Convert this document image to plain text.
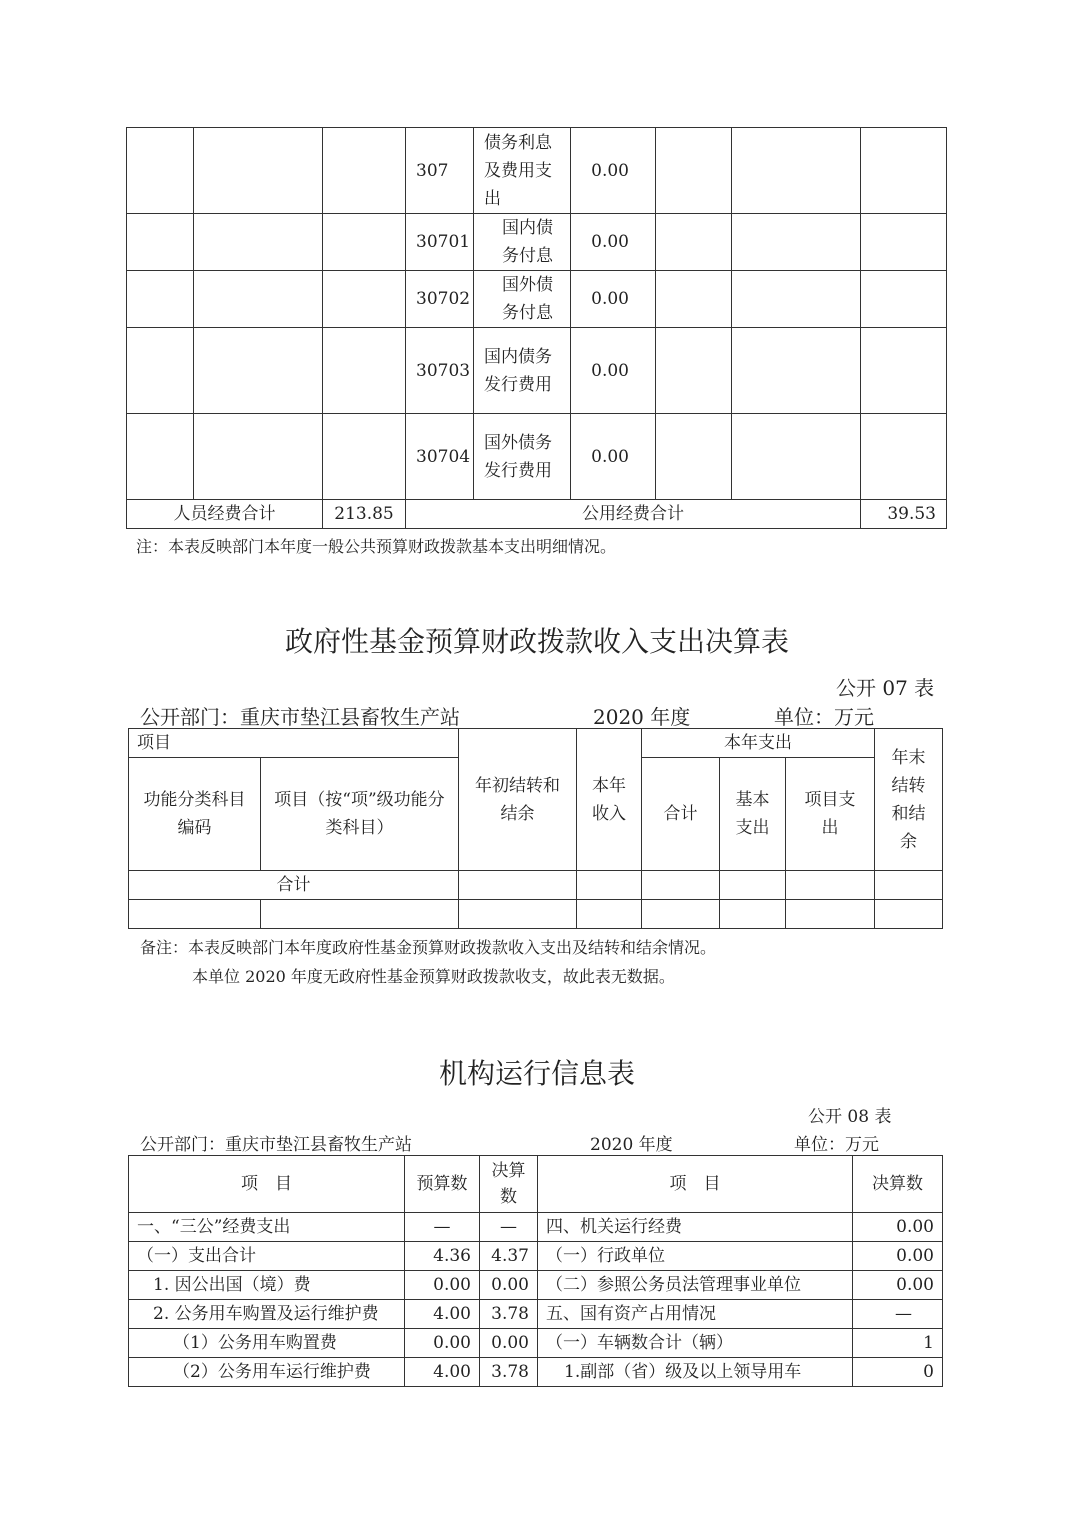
			307	债务利息及费用支出	0.00			
			30701	国内债务付息	0.00			
			30702	国外债务付息	0.00			
			30703	国内债务发行费用	0.00			
			30704	国外债务发行费用	0.00			
人员经费合计		213.85	公用经费合计					39.53
注：本表反映部门本年度一般公共预算财政拨款基本支出明细情况。
政府性基金预算财政拨款收入支出决算表
公开 07 表
公开部门：重庆市垫江县畜牧生产站	2020 年度	单位：万元
项目		年初结转和结余	本年收入	本年支出			年末结转和结余

功能分类科目编码	项目（按“项”级功能分类科目）			合计	基本支出	项目支出	

合计							

备注：本表反映部门本年度政府性基金预算财政拨款收入支出及结转和结余情况。
本单位 2020 年度无政府性基金预算财政拨款收支，故此表无数据。
机构运行信息表
公开 08 表
公开部门：重庆市垫江县畜牧生产站	2020 年度	单位：万元
项　目	预算数	决算数	项　目	决算数
一、“三公”经费支出	—	—	四、机关运行经费	0.00
（一）支出合计	4.36	4.37	（一）行政单位	0.00
1. 因公出国（境）费	0.00	0.00	（二）参照公务员法管理事业单位	0.00
2. 公务用车购置及运行维护费	4.00	3.78	五、国有资产占用情况	—
（1）公务用车购置费	0.00	0.00	（一）车辆数合计（辆）	1
（2）公务用车运行维护费	4.00	3.78	1.副部（省）级及以上领导用车	0
